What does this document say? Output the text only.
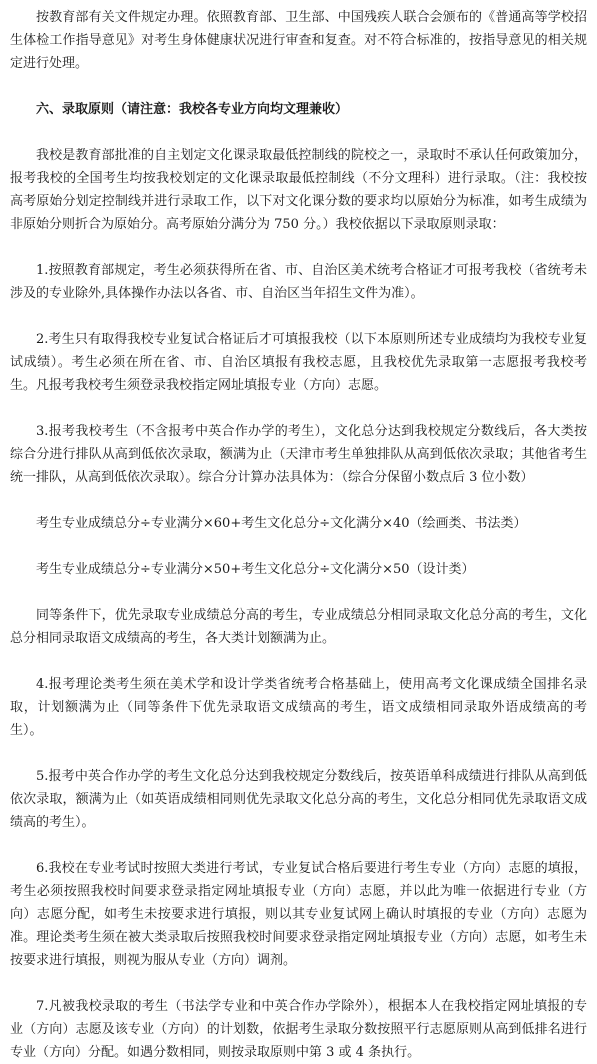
按教育部有关文件规定办理。依照教育部、卫生部、中国残疾人联合会颁布的《普通高等学校招生体检工作指导意见》对考生身体健康状况进行审查和复查。对不符合标准的，按指导意见的相关规定进行处理。

六、录取原则（请注意：我校各专业方向均文理兼收）

我校是教育部批准的自主划定文化课录取最低控制线的院校之一，录取时不承认任何政策加分，报考我校的全国考生均按我校划定的文化课录取最低控制线（不分文理科）进行录取。（注：我校按高考原始分划定控制线并进行录取工作，以下对文化课分数的要求均以原始分为标准，如考生成绩为非原始分则折合为原始分。高考原始分满分为 750 分。）我校依据以下录取原则录取：

1.按照教育部规定，考生必须获得所在省、市、自治区美术统考合格证才可报考我校（省统考未涉及的专业除外,具体操作办法以各省、市、自治区当年招生文件为准）。

2.考生只有取得我校专业复试合格证后才可填报我校（以下本原则所述专业成绩均为我校专业复试成绩）。考生必须在所在省、市、自治区填报有我校志愿，且我校优先录取第一志愿报考我校考生。凡报考我校考生须登录我校指定网址填报专业（方向）志愿。

3.报考我校考生（不含报考中英合作办学的考生），文化总分达到我校规定分数线后，各大类按综合分进行排队从高到低依次录取，额满为止（天津市考生单独排队从高到低依次录取；其他省考生统一排队，从高到低依次录取）。综合分计算办法具体为：（综合分保留小数点后 3 位小数）

考生专业成绩总分÷专业满分×60+考生文化总分÷文化满分×40（绘画类、书法类）

考生专业成绩总分÷专业满分×50+考生文化总分÷文化满分×50（设计类）

同等条件下，优先录取专业成绩总分高的考生，专业成绩总分相同录取文化总分高的考生，文化总分相同录取语文成绩高的考生，各大类计划额满为止。

4.报考理论类考生须在美术学和设计学类省统考合格基础上，使用高考文化课成绩全国排名录取，计划额满为止（同等条件下优先录取语文成绩高的考生，语文成绩相同录取外语成绩高的考生）。

5.报考中英合作办学的考生文化总分达到我校规定分数线后，按英语单科成绩进行排队从高到低依次录取，额满为止（如英语成绩相同则优先录取文化总分高的考生，文化总分相同优先录取语文成绩高的考生）。

6.我校在专业考试时按照大类进行考试，专业复试合格后要进行考生专业（方向）志愿的填报，考生必须按照我校时间要求登录指定网址填报专业（方向）志愿，并以此为唯一依据进行专业（方向）志愿分配，如考生未按要求进行填报，则以其专业复试网上确认时填报的专业（方向）志愿为准。理论类考生须在被大类录取后按照我校时间要求登录指定网址填报专业（方向）志愿，如考生未按要求进行填报，则视为服从专业（方向）调剂。

7.凡被我校录取的考生（书法学专业和中英合作办学除外），根据本人在我校指定网址填报的专业（方向）志愿及该专业（方向）的计划数，依据考生录取分数按照平行志愿原则从高到低排名进行专业（方向）分配。如遇分数相同，则按录取原则中第 3 或 4 条执行。
